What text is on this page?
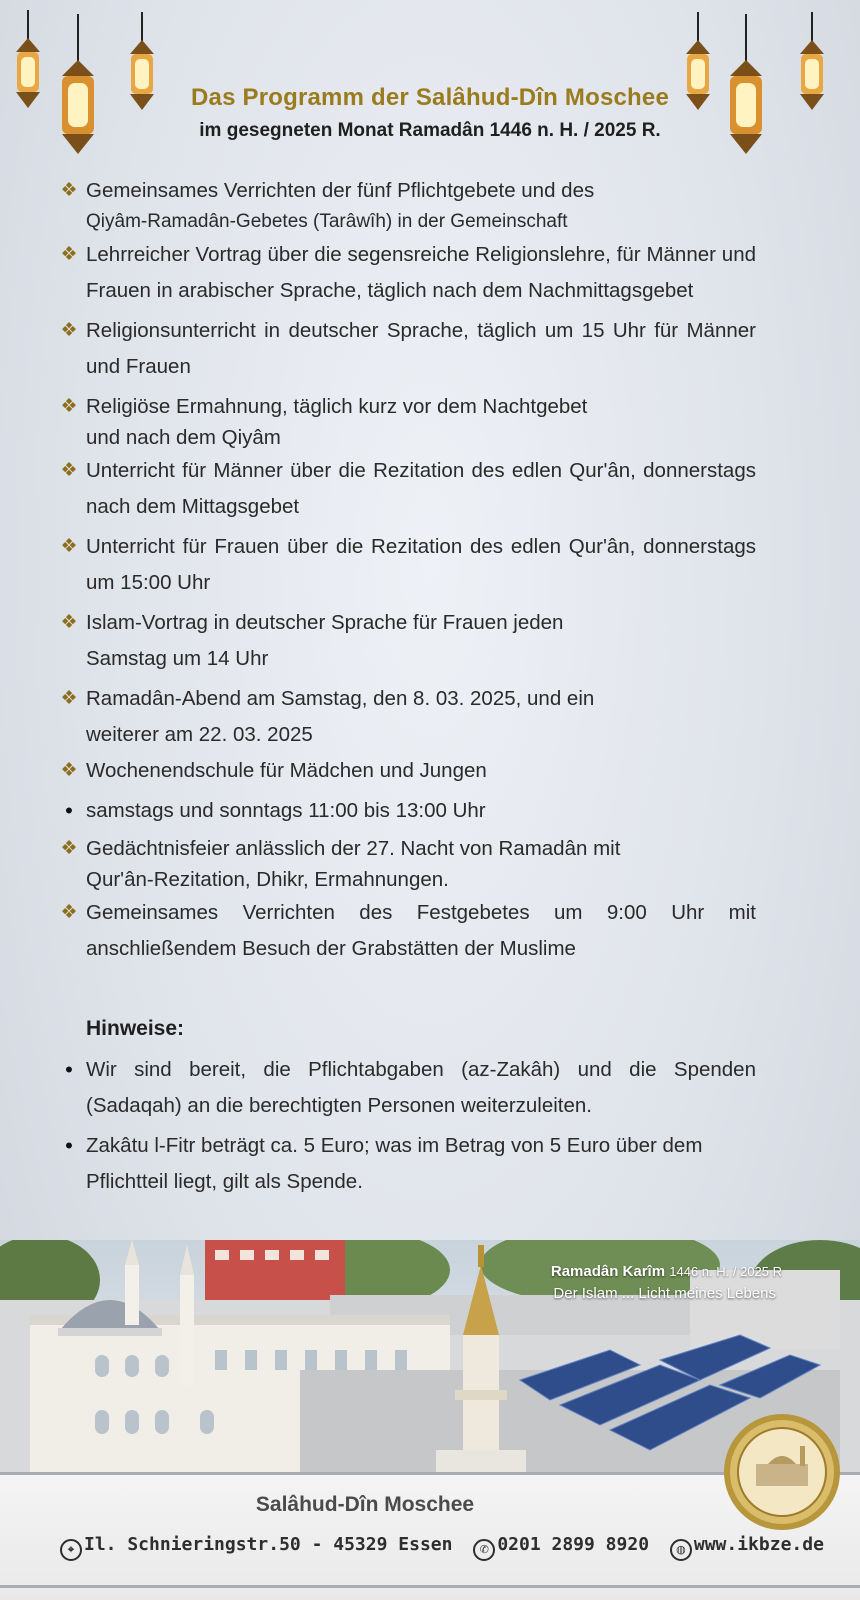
Das Programm der Salâhud-Dîn Moschee
im gesegneten Monat Ramadân 1446 n. H. / 2025 R.
❖ Gemeinsames Verrichten der fünf Pflichtgebete und des
Qiyâm-Ramadân-Gebetes (Tarâwîh) in der Gemeinschaft
❖ Lehrreicher Vortrag über die segensreiche Religionslehre, für Männer und Frauen in arabischer Sprache, täglich nach dem Nachmittagsgebet
❖ Religionsunterricht in deutscher Sprache, täglich um 15 Uhr für Männer und Frauen
❖ Religiöse Ermahnung, täglich kurz vor dem Nachtgebet
und nach dem Qiyâm
❖ Unterricht für Männer über die Rezitation des edlen Qur'ân, donnerstags nach dem Mittagsgebet
❖ Unterricht für Frauen über die Rezitation des edlen Qur'ân, donnerstags um 15:00 Uhr
❖ Islam-Vortrag in deutscher Sprache für Frauen jeden
Samstag um 14 Uhr
❖ Ramadân-Abend am Samstag, den 8. 03. 2025, und ein
weiterer am 22. 03. 2025
❖ Wochenendschule für Mädchen und Jungen
• samstags und sonntags 11:00 bis 13:00 Uhr
❖ Gedächtnisfeier anlässlich der 27. Nacht von Ramadân mit
Qur'ân-Rezitation, Dhikr, Ermahnungen.
❖ Gemeinsames Verrichten des Festgebetes um 9:00 Uhr mit anschließendem Besuch der Grabstätten der Muslime
Hinweise:
• Wir sind bereit, die Pflichtabgaben (az-Zakâh) und die Spenden (Sadaqah) an die berechtigten Personen weiterzuleiten.
• Zakâtu l-Fitr beträgt ca. 5 Euro; was im Betrag von 5 Euro über dem Pflichtteil liegt, gilt als Spende.
Ramadân Karîm 1446 n. H. / 2025 R
Der Islam ... Licht meines Lebens
Salâhud-Dîn Moschee
⌖ Il. Schnieringstr.50 - 45329 Essen ✆ 0201 2899 8920 ◍ www.ikbze.de
